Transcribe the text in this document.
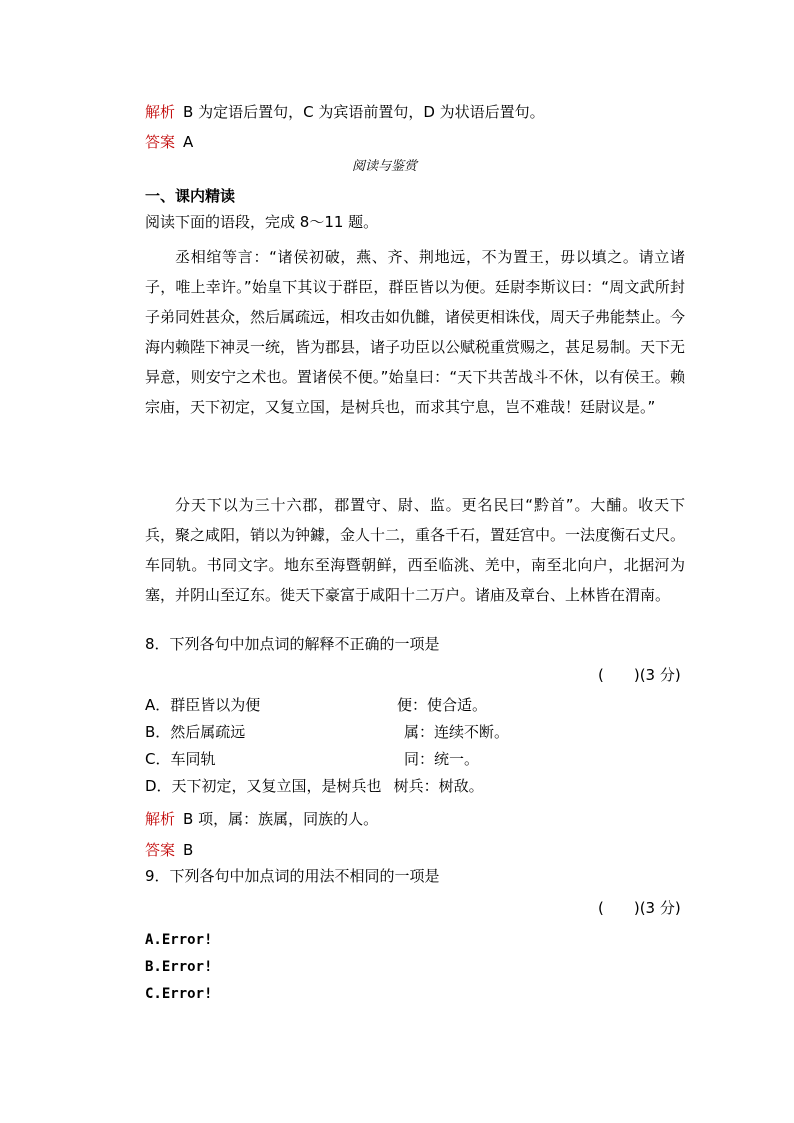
解析 B 为定语后置句，C 为宾语前置句，D 为状语后置句。
答案 A
阅读与鉴赏
一、课内精读
阅读下面的语段，完成 8～11 题。
丞相绾等言：“诸侯初破，燕、齐、荆地远，不为置王，毋以填之。请立诸子，唯上幸许。”始皇下其议于群臣，群臣皆以为便。廷尉李斯议曰：“周文武所封子弟同姓甚众，然后属疏远，相攻击如仇雠，诸侯更相诛伐，周天子弗能禁止。今海内赖陛下神灵一统，皆为郡县，诸子功臣以公赋税重赏赐之，甚足易制。天下无异意，则安宁之术也。置诸侯不便。”始皇曰：“天下共苦战斗不休，以有侯王。赖宗庙，天下初定，又复立国，是树兵也，而求其宁息，岂不难哉！廷尉议是。”
分天下以为三十六郡，郡置守、尉、监。更名民曰“黔首”。大酺。收天下兵，聚之咸阳，销以为钟鐻，金人十二，重各千石，置廷宫中。一法度衡石丈尺。车同轨。书同文字。地东至海暨朝鲜，西至临洮、羌中，南至北向户，北据河为塞，并阴山至辽东。徙天下豪富于咸阳十二万户。诸庙及章台、上林皆在渭南。
8．下列各句中加点词的解释不正确的一项是
(　　)(3 分)
A．群臣皆以为便	便：使合适。
B．然后属疏远	属：连续不断。
C．车同轨	同：统一。
D．天下初定，又复立国，是树兵也 树兵：树敌。
解析 B 项，属：族属，同族的人。
答案 B
9．下列各句中加点词的用法不相同的一项是
(　　)(3 分)
A.Error!
B.Error!
C.Error!
